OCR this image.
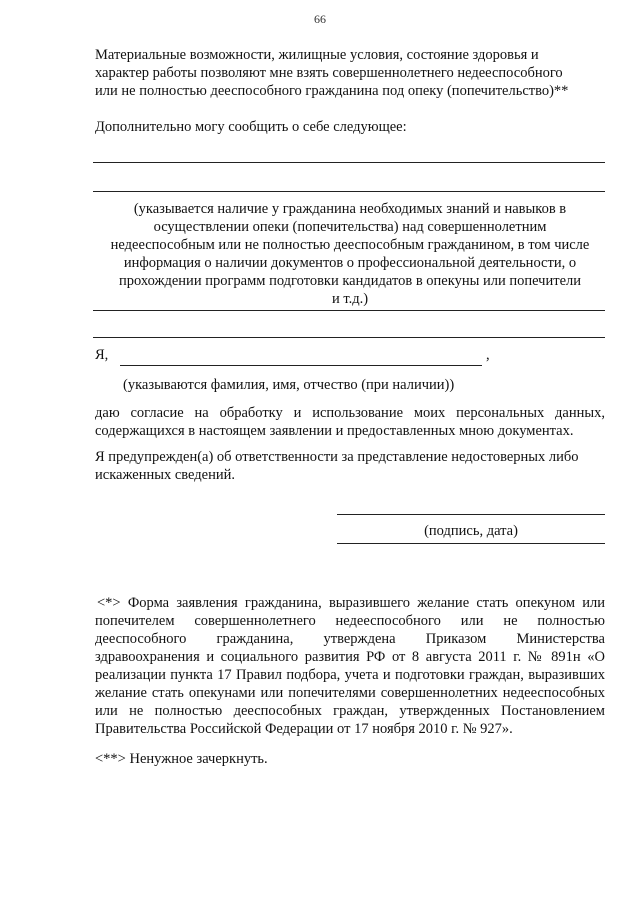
66
Материальные возможности, жилищные условия, состояние здоровья и
характер работы позволяют мне взять совершеннолетнего недееспособного
или не полностью дееспособного гражданина под опеку (попечительство)**
Дополнительно могу сообщить о себе следующее:
(указывается наличие у гражданина необходимых знаний и навыков в
осуществлении опеки (попечительства) над совершеннолетним
недееспособным или не полностью дееспособным гражданином, в том числе
информация о наличии документов о профессиональной деятельности, о
прохождении программ подготовки кандидатов в опекуны или попечители
и т.д.)
Я,	,
(указываются фамилия, имя, отчество (при наличии))
даю согласие на обработку и использование моих персональных данных, содержащихся в настоящем заявлении и предоставленных мною документах.
Я предупрежден(а) об ответственности за представление недостоверных либо искаженных сведений.
(подпись, дата)
<*> Форма заявления гражданина, выразившего желание стать опекуном или попечителем совершеннолетнего недееспособного или не полностью дееспособного гражданина, утверждена Приказом Министерства здравоохранения и социального развития РФ от 8 августа 2011 г. № 891н «О реализации пункта 17 Правил подбора, учета и подготовки граждан, выразивших желание стать опекунами или попечителями совершеннолетних недееспособных или не полностью дееспособных граждан, утвержденных Постановлением Правительства Российской Федерации от 17 ноября 2010 г. № 927».
<**> Ненужное зачеркнуть.
